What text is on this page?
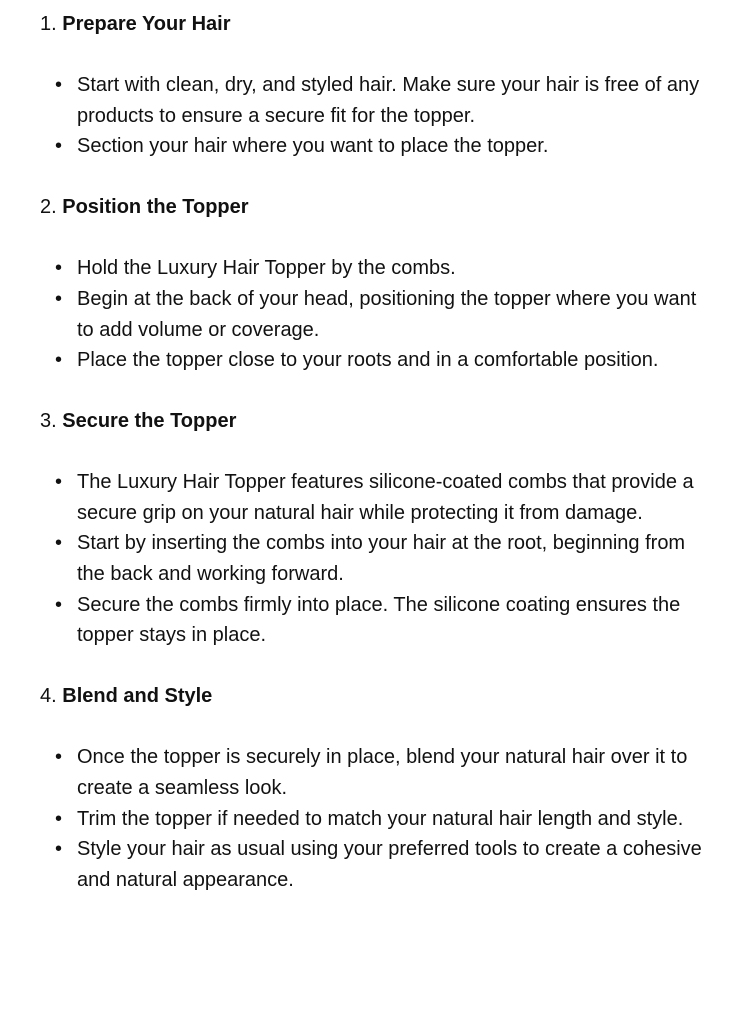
1. Prepare Your Hair
• Start with clean, dry, and styled hair. Make sure your hair is free of any products to ensure a secure fit for the topper.
• Section your hair where you want to place the topper.
2. Position the Topper
• Hold the Luxury Hair Topper by the combs.
• Begin at the back of your head, positioning the topper where you want to add volume or coverage.
• Place the topper close to your roots and in a comfortable position.
3. Secure the Topper
• The Luxury Hair Topper features silicone-coated combs that provide a secure grip on your natural hair while protecting it from damage.
• Start by inserting the combs into your hair at the root, beginning from the back and working forward.
• Secure the combs firmly into place. The silicone coating ensures the topper stays in place.
4. Blend and Style
• Once the topper is securely in place, blend your natural hair over it to create a seamless look.
• Trim the topper if needed to match your natural hair length and style.
• Style your hair as usual using your preferred tools to create a cohesive and natural appearance.
